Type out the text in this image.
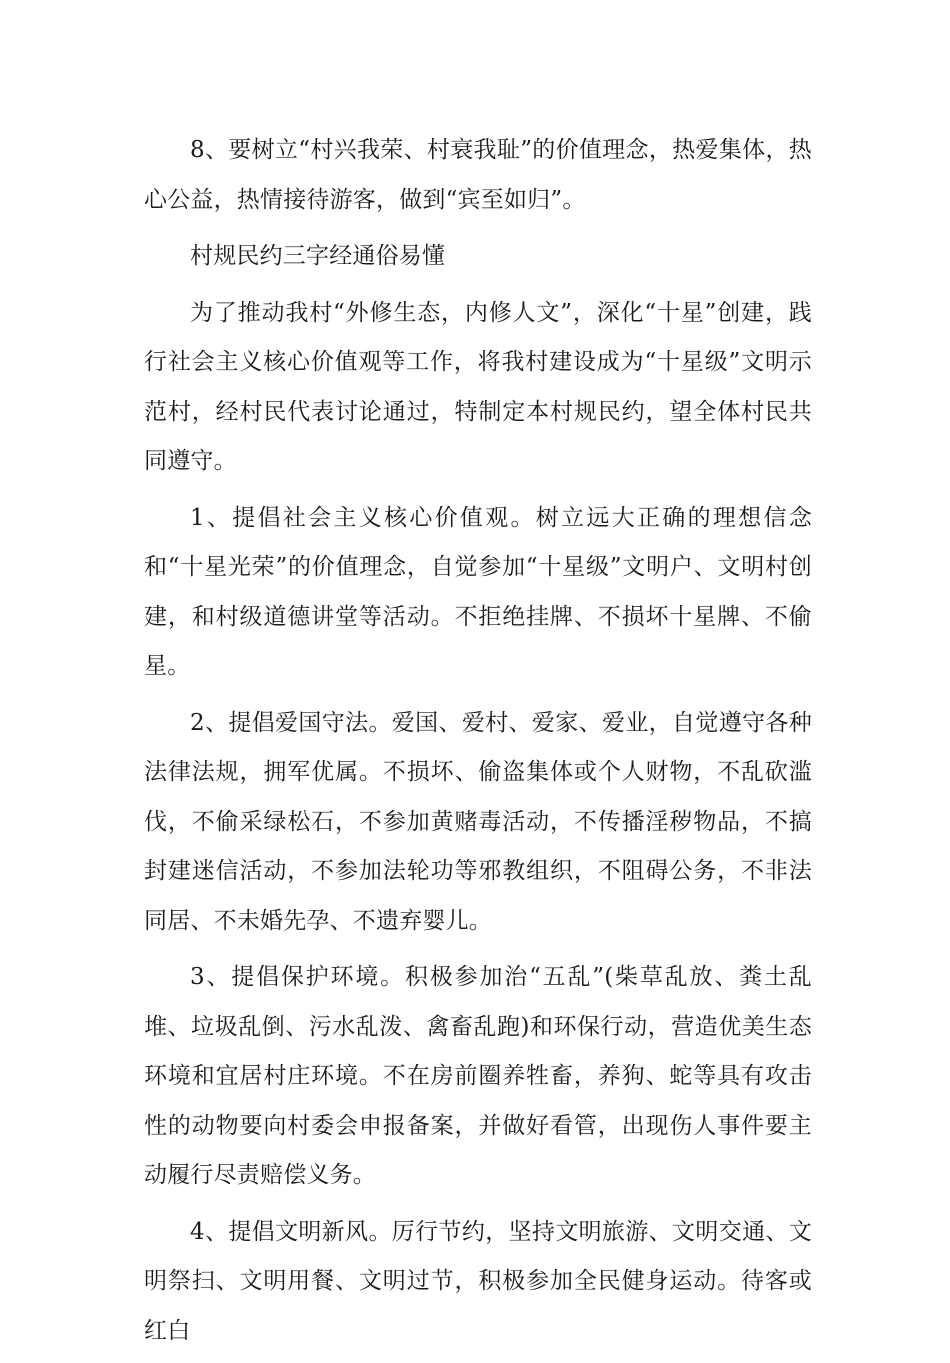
8、要树立“村兴我荣、村衰我耻”的价值理念，热爱集体，热心公益，热情接待游客，做到“宾至如归”。

村规民约三字经通俗易懂

为了推动我村“外修生态，内修人文”，深化“十星”创建，践行社会主义核心价值观等工作，将我村建设成为“十星级”文明示范村，经村民代表讨论通过，特制定本村规民约，望全体村民共同遵守。

1、提倡社会主义核心价值观。树立远大正确的理想信念和“十星光荣”的价值理念，自觉参加“十星级”文明户、文明村创建，和村级道德讲堂等活动。不拒绝挂牌、不损坏十星牌、不偷星。

2、提倡爱国守法。爱国、爱村、爱家、爱业，自觉遵守各种法律法规，拥军优属。不损坏、偷盗集体或个人财物，不乱砍滥伐，不偷采绿松石，不参加黄赌毒活动，不传播淫秽物品，不搞封建迷信活动，不参加法轮功等邪教组织，不阻碍公务，不非法同居、不未婚先孕、不遗弃婴儿。

3、提倡保护环境。积极参加治“五乱”(柴草乱放、粪土乱堆、垃圾乱倒、污水乱泼、禽畜乱跑)和环保行动，营造优美生态环境和宜居村庄环境。不在房前圈养牲畜，养狗、蛇等具有攻击性的动物要向村委会申报备案，并做好看管，出现伤人事件要主动履行尽责赔偿义务。

4、提倡文明新风。厉行节约，坚持文明旅游、文明交通、文明祭扫、文明用餐、文明过节，积极参加全民健身运动。待客或红白
